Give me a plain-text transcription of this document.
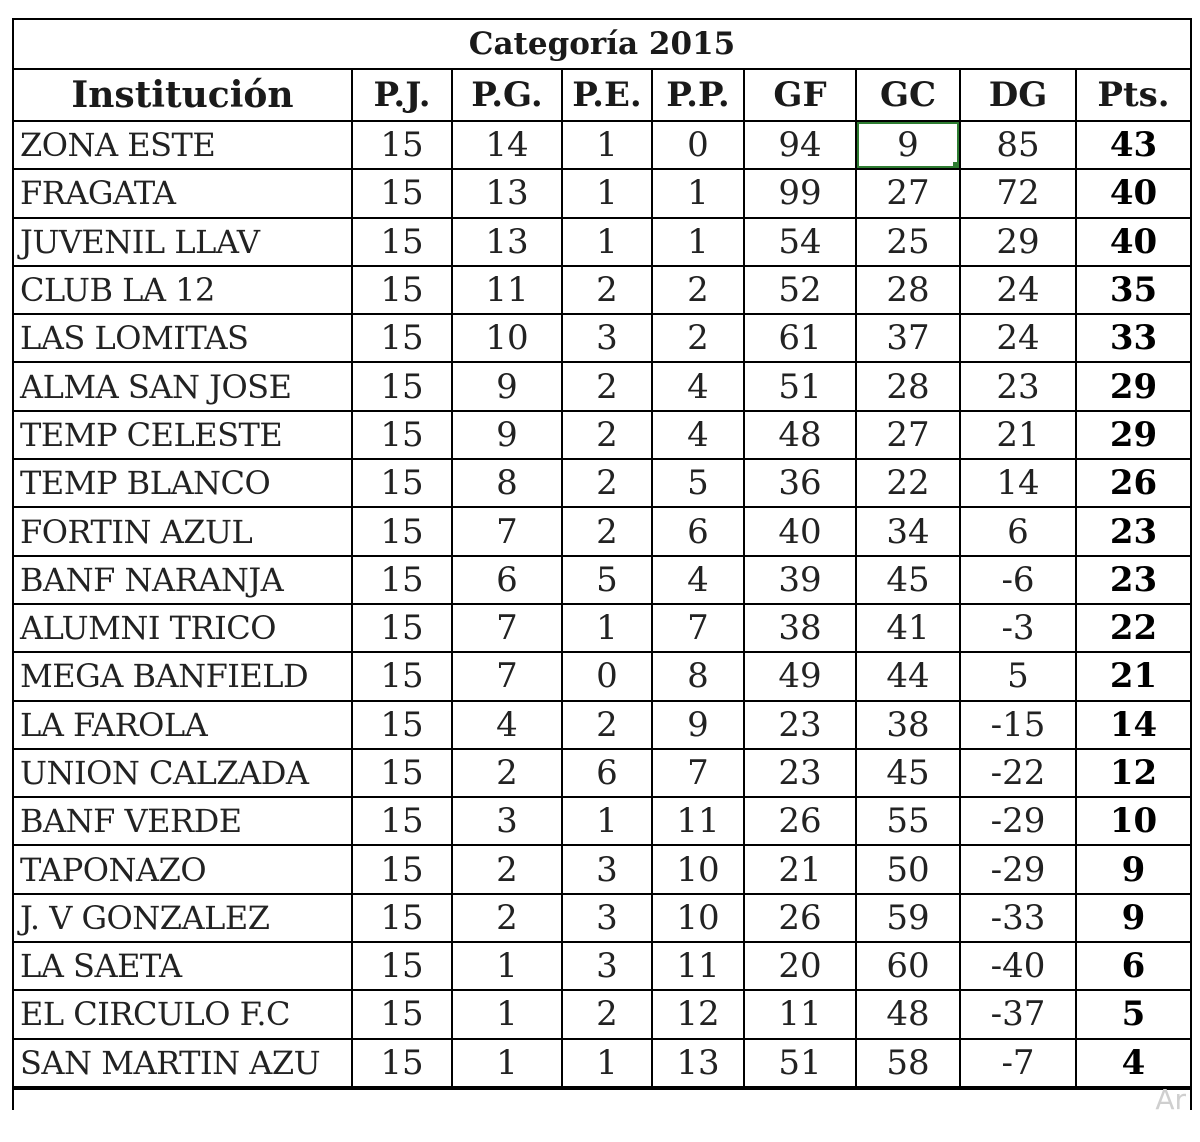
Categoría 2015
Institución	P.J.	P.G.	P.E.	P.P.	GF	GC	DG	Pts.
ZONA ESTE	15	14	1	0	94	9	85	43
FRAGATA	15	13	1	1	99	27	72	40
JUVENIL LLAV	15	13	1	1	54	25	29	40
CLUB LA 12	15	11	2	2	52	28	24	35
LAS LOMITAS	15	10	3	2	61	37	24	33
ALMA SAN JOSE	15	9	2	4	51	28	23	29
TEMP CELESTE	15	9	2	4	48	27	21	29
TEMP BLANCO	15	8	2	5	36	22	14	26
FORTIN AZUL	15	7	2	6	40	34	6	23
BANF NARANJA	15	6	5	4	39	45	-6	23
ALUMNI TRICO	15	7	1	7	38	41	-3	22
MEGA BANFIELD	15	7	0	8	49	44	5	21
LA FAROLA	15	4	2	9	23	38	-15	14
UNION CALZADA	15	2	6	7	23	45	-22	12
BANF VERDE	15	3	1	11	26	55	-29	10
TAPONAZO	15	2	3	10	21	50	-29	9
J. V GONZALEZ	15	2	3	10	26	59	-33	9
LA SAETA	15	1	3	11	20	60	-40	6
EL CIRCULO F.C	15	1	2	12	11	48	-37	5
SAN MARTIN AZU	15	1	1	13	51	58	-7	4
Ar
